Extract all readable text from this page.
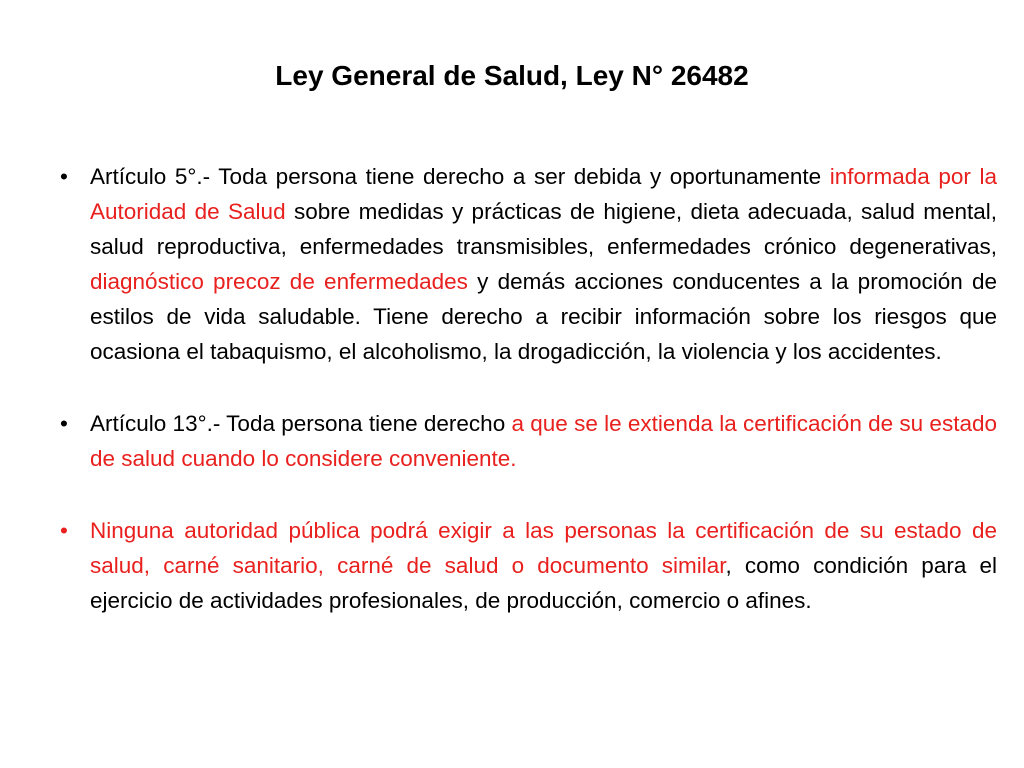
Ley General de Salud, Ley N° 26482
• Artículo 5°.- Toda persona tiene derecho a ser debida y oportunamente informada por la Autoridad de Salud sobre medidas y prácticas de higiene, dieta adecuada, salud mental, salud reproductiva, enfermedades transmisibles, enfermedades crónico degenerativas, diagnóstico precoz de enfermedades y demás acciones conducentes a la promoción de estilos de vida saludable. Tiene derecho a recibir información sobre los riesgos que ocasiona el tabaquismo, el alcoholismo, la drogadicción, la violencia y los accidentes.
• Artículo 13°.- Toda persona tiene derecho a que se le extienda la certificación de su estado de salud cuando lo considere conveniente.
• Ninguna autoridad pública podrá exigir a las personas la certificación de su estado de salud, carné sanitario, carné de salud o documento similar, como condición para el ejercicio de actividades profesionales, de producción, comercio o afines.
